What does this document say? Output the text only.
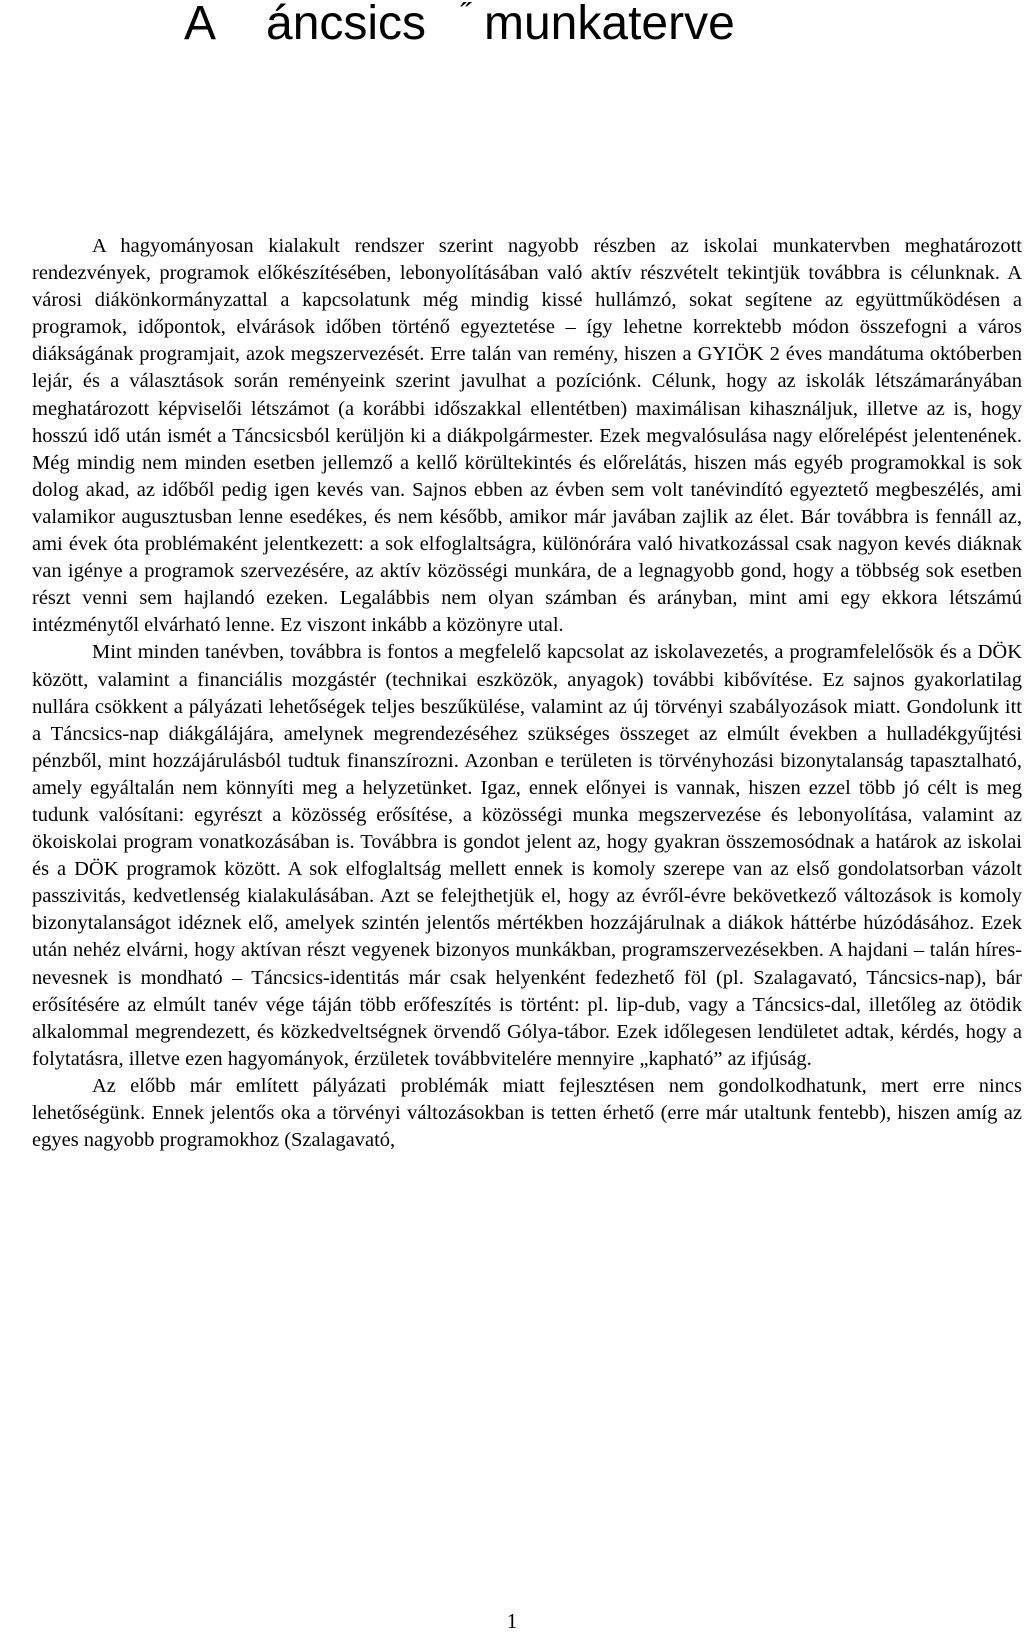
A áncsics ˝ munkaterve

A hagyományosan kialakult rendszer szerint nagyobb részben az iskolai munkatervben meghatározott rendezvények, programok előkészítésében, lebonyolításában való aktív részvételt tekintjük továbbra is célunknak. A városi diákönkormányzattal a kapcsolatunk még mindig kissé hullámzó, sokat segítene az együttműködésen a programok, időpontok, elvárások időben történő egyeztetése – így lehetne korrektebb módon összefogni a város diákságának programjait, azok megszervezését. Erre talán van remény, hiszen a GYIÖK 2 éves mandátuma októberben lejár, és a választások során reményeink szerint javulhat a pozíciónk. Célunk, hogy az iskolák létszámarányában meghatározott képviselői létszámot (a korábbi időszakkal ellentétben) maximálisan kihasználjuk, illetve az is, hogy hosszú idő után ismét a Táncsicsból kerüljön ki a diákpolgármester. Ezek megvalósulása nagy előrelépést jelentenének. Még mindig nem minden esetben jellemző a kellő körültekintés és előrelátás, hiszen más egyéb programokkal is sok dolog akad, az időből pedig igen kevés van. Sajnos ebben az évben sem volt tanévindító egyeztető megbeszélés, ami valamikor augusztusban lenne esedékes, és nem később, amikor már javában zajlik az élet. Bár továbbra is fennáll az, ami évek óta problémaként jelentkezett: a sok elfoglaltságra, különórára való hivatkozással csak nagyon kevés diáknak van igénye a programok szervezésére, az aktív közösségi munkára, de a legnagyobb gond, hogy a többség sok esetben részt venni sem hajlandó ezeken. Legalábbis nem olyan számban és arányban, mint ami egy ekkora létszámú intézménytől elvárható lenne. Ez viszont inkább a közönyre utal.

Mint minden tanévben, továbbra is fontos a megfelelő kapcsolat az iskolavezetés, a programfelelősök és a DÖK között, valamint a financiális mozgástér (technikai eszközök, anyagok) további kibővítése. Ez sajnos gyakorlatilag nullára csökkent a pályázati lehetőségek teljes beszűkülése, valamint az új törvényi szabályozások miatt. Gondolunk itt a Táncsics-nap diákgálájára, amelynek megrendezéséhez szükséges összeget az elmúlt években a hulladékgyűjtési pénzből, mint hozzájárulásból tudtuk finanszírozni. Azonban e területen is törvényhozási bizonytalanság tapasztalható, amely egyáltalán nem könnyíti meg a helyzetünket. Igaz, ennek előnyei is vannak, hiszen ezzel több jó célt is meg tudunk valósítani: egyrészt a közösség erősítése, a közösségi munka megszervezése és lebonyolítása, valamint az ökoiskolai program vonatkozásában is. Továbbra is gondot jelent az, hogy gyakran összemosódnak a határok az iskolai és a DÖK programok között. A sok elfoglaltság mellett ennek is komoly szerepe van az első gondolatsorban vázolt passzivitás, kedvetlenség kialakulásában. Azt se felejthetjük el, hogy az évről-évre bekövetkező változások is komoly bizonytalanságot idéznek elő, amelyek szintén jelentős mértékben hozzájárulnak a diákok háttérbe húzódásához. Ezek után nehéz elvárni, hogy aktívan részt vegyenek bizonyos munkákban, programszervezésekben. A hajdani – talán híres-nevesnek is mondható – Táncsics-identitás már csak helyenként fedezhető föl (pl. Szalagavató, Táncsics-nap), bár erősítésére az elmúlt tanév vége táján több erőfeszítés is történt: pl. lip-dub, vagy a Táncsics-dal, illetőleg az ötödik alkalommal megrendezett, és közkedveltségnek örvendő Gólya-tábor. Ezek időlegesen lendületet adtak, kérdés, hogy a folytatásra, illetve ezen hagyományok, érzületek továbbvitelére mennyire „kapható” az ifjúság.

Az előbb már említett pályázati problémák miatt fejlesztésen nem gondolkodhatunk, mert erre nincs lehetőségünk. Ennek jelentős oka a törvényi változásokban is tetten érhető (erre már utaltunk fentebb), hiszen amíg az egyes nagyobb programokhoz (Szalagavató,

1
